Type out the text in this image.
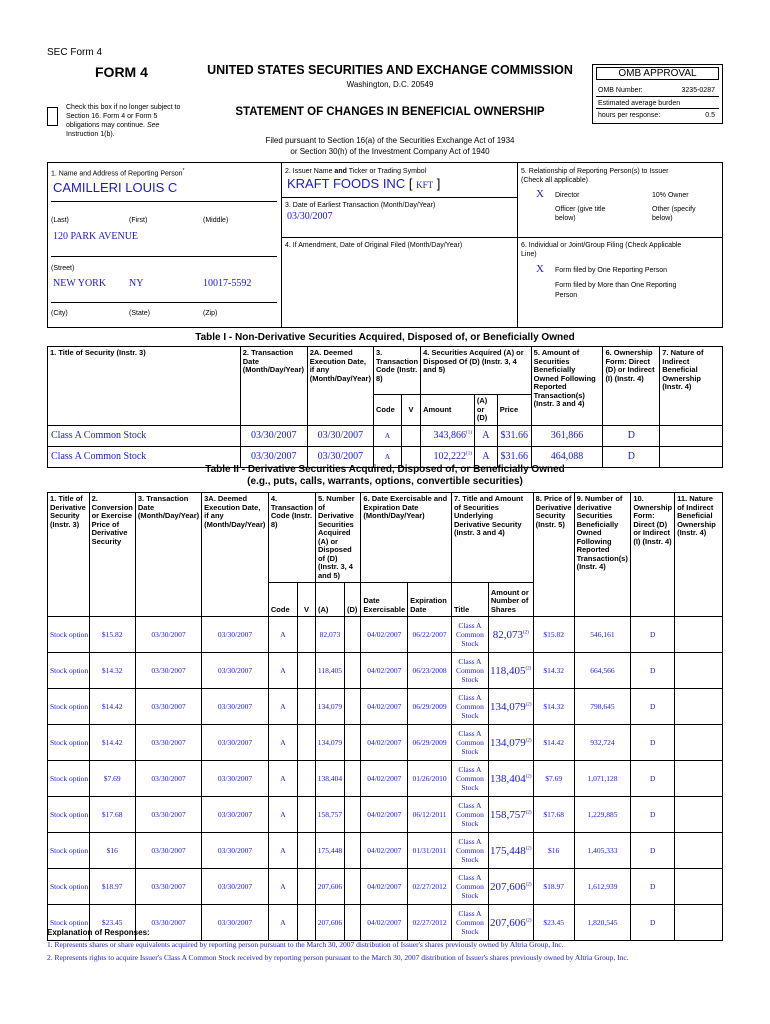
SEC Form 4
FORM 4	UNITED STATES SECURITIES AND EXCHANGE COMMISSION
Washington, D.C. 20549
Check this box if no longer subject to
Section 16. Form 4 or Form 5
obligations may continue. See
Instruction 1(b).
STATEMENT OF CHANGES IN BENEFICIAL OWNERSHIP
Filed pursuant to Section 16(a) of the Securities Exchange Act of 1934
or Section 30(h) of the Investment Company Act of 1940
OMB APPROVAL
OMB Number:	3235-0287
Estimated average burden
hours per response:	0.5
1. Name and Address of Reporting Person*
CAMILLERI LOUIS C
(Last)	(First)	(Middle)
120 PARK AVENUE
(Street)
NEW YORK NY	10017-5592
(City)	(State)	(Zip)
2. Issuer Name and Ticker or Trading Symbol
KRAFT FOODS INC [ KFT ]
3. Date of Earliest Transaction (Month/Day/Year)
03/30/2007
4. If Amendment, Date of Original Filed (Month/Day/Year)
5. Relationship of Reporting Person(s) to Issuer
(Check all applicable)
X Director	10% Owner
Officer (give title
below)
Other (specify
below)
6. Individual or Joint/Group Filing (Check Applicable
Line)
X Form filed by One Reporting Person
Form filed by More than One Reporting
Person
Table I - Non-Derivative Securities Acquired, Disposed of, or Beneficially Owned
1. Title of Security (Instr. 3)	2. Transaction Date (Month/Day/Year)	2A. Deemed Execution Date, if any (Month/Day/Year)	3. Transaction Code (Instr. 8)		4. Securities Acquired (A) or Disposed Of (D) (Instr. 3, 4 and 5)			5. Amount of Securities Beneficially Owned Following Reported Transaction(s) (Instr. 3 and 4)	6. Ownership Form: Direct (D) or Indirect (I) (Instr. 4)	7. Nature of Indirect Beneficial Ownership (Instr. 4)
			Code	V	Amount	(A) or (D)	Price			
Class A Common Stock	03/30/2007	03/30/2007	A		343,866$^{(1)}$	A	$31.66	361,866	D	
Class A Common Stock	03/30/2007	03/30/2007	A		102,222$^{(1)}$	A	$31.66	464,088	D	
Table II - Derivative Securities Acquired, Disposed of, or Beneficially Owned
(e.g., puts, calls, warrants, options, convertible securities)
1. Title of Derivative Security (Instr. 3)	2. Conversion or Exercise Price of Derivative Security	3. Transaction Date (Month/Day/Year)	3A. Deemed Execution Date, if any (Month/Day/Year)	4. Transaction Code (Instr. 8)		5. Number of Derivative Securities Acquired (A) or Disposed of (D) (Instr. 3, 4 and 5)		6. Date Exercisable and Expiration Date (Month/Day/Year)		7. Title and Amount of Securities Underlying Derivative Security (Instr. 3 and 4)		8. Price of Derivative Security (Instr. 5)	9. Number of derivative Securities Beneficially Owned Following Reported Transaction(s) (Instr. 4)	10. Ownership Form: Direct (D) or Indirect (I) (Instr. 4)	11. Nature of Indirect Beneficial Ownership (Instr. 4)
				Code	V	(A)	(D)	Date Exercisable	Expiration Date	Title	Amount or Number of Shares				
Stock option	$15.82	03/30/2007	03/30/2007	A		82,073		04/02/2007	06/22/2007	Class A Common Stock	82,073$^{(2)}$	$15.82	546,161	D	
Stock option	$14.32	03/30/2007	03/30/2007	A		118,405		04/02/2007	06/23/2008	Class A Common Stock	118,405$^{(2)}$	$14.32	664,566	D	
Stock option	$14.42	03/30/2007	03/30/2007	A		134,079		04/02/2007	06/29/2009	Class A Common Stock	134,079$^{(2)}$	$14.32	798,645	D	
Stock option	$14.42	03/30/2007	03/30/2007	A		134,079		04/02/2007	06/29/2009	Class A Common Stock	134,079$^{(2)}$	$14.42	932,724	D	
Stock option	$7.69	03/30/2007	03/30/2007	A		138,404		04/02/2007	01/26/2010	Class A Common Stock	138,404$^{(2)}$	$7.69	1,071,128	D	
Stock option	$17.68	03/30/2007	03/30/2007	A		158,757		04/02/2007	06/12/2011	Class A Common Stock	158,757$^{(2)}$	$17.68	1,229,885	D	
Stock option	$16	03/30/2007	03/30/2007	A		175,448		04/02/2007	01/31/2011	Class A Common Stock	175,448$^{(2)}$	$16	1,405,333	D	
Stock option	$18.97	03/30/2007	03/30/2007	A		207,606		04/02/2007	02/27/2012	Class A Common Stock	207,606$^{(2)}$	$18.97	1,612,939	D	
Stock option	$23.45	03/30/2007	03/30/2007	A		207,606		04/02/2007	02/27/2012	Class A Common Stock	207,606$^{(2)}$	$23.45	1,820,545	D	
Explanation of Responses:
1. Represents shares or share equivalents acquired by reporting person pursuant to the March 30, 2007 distribution of Issuer's shares previously owned by Altria Group, Inc.
2. Represents rights to acquire Issuer's Class A Common Stock received by reporting person pursuant to the March 30, 2007 distribution of Issuer's shares previously owned by Altria Group, Inc.
